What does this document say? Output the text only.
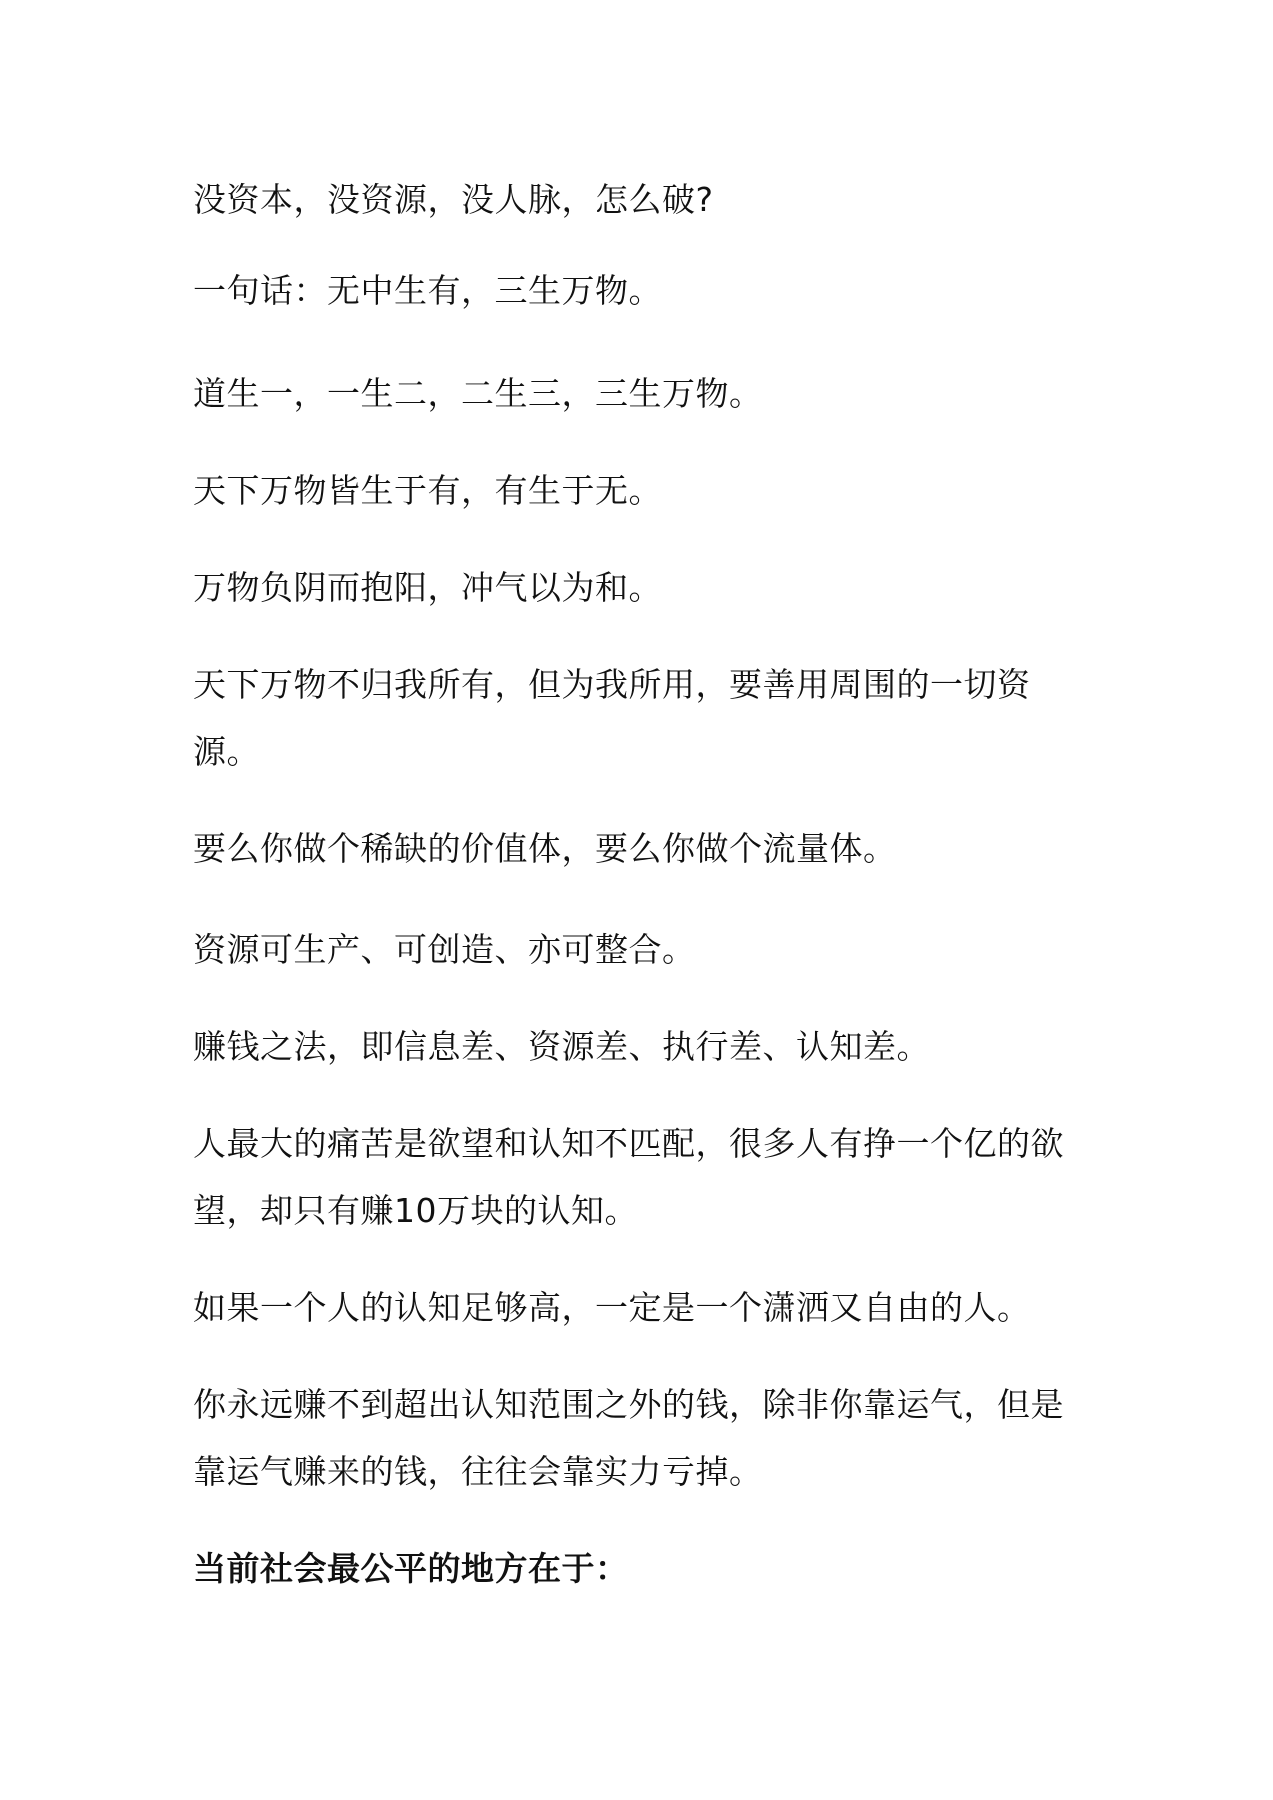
没资本，没资源，没人脉，怎么破?

一句话：无中生有，三生万物。

道生一，一生二，二生三，三生万物。

天下万物皆生于有，有生于无。

万物负阴而抱阳，冲气以为和。

天下万物不归我所有，但为我所用，要善用周围的一切资源。

要么你做个稀缺的价值体，要么你做个流量体。

资源可生产、可创造、亦可整合。

赚钱之法，即信息差、资源差、执行差、认知差。

人最大的痛苦是欲望和认知不匹配，很多人有挣一个亿的欲望，却只有赚10万块的认知。

如果一个人的认知足够高，一定是一个潇洒又自由的人。

你永远赚不到超出认知范围之外的钱，除非你靠运气，但是靠运气赚来的钱，往往会靠实力亏掉。

当前社会最公平的地方在于：
